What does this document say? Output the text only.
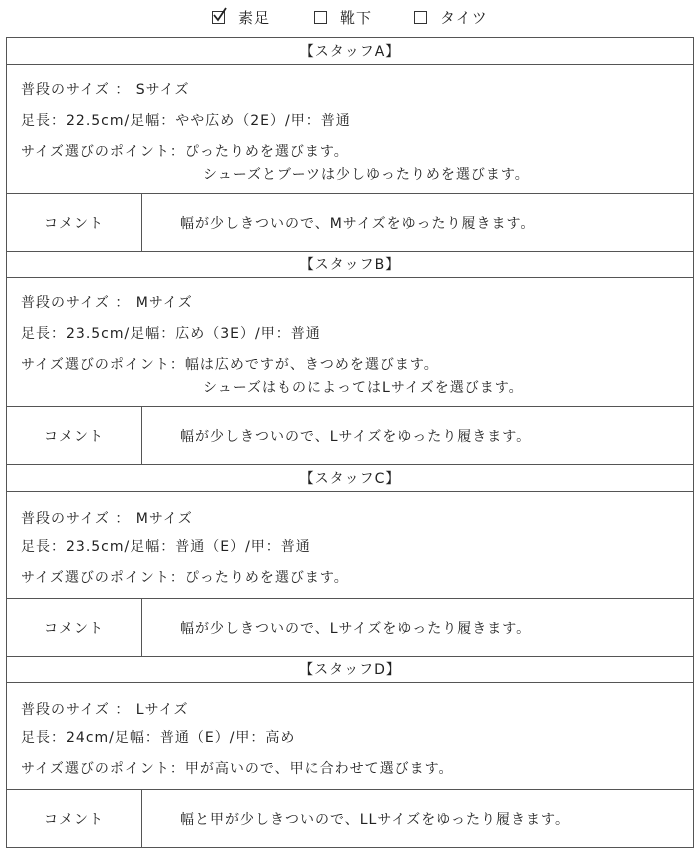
素足	靴下	タイツ
【スタッフA】
普段のサイズ ： Sサイズ
足長：22.5cm/足幅：やや広め（2E）/甲：普通
サイズ選びのポイント：ぴったりめを選びます。
シューズとブーツは少しゆったりめを選びます。
コメント	幅が少しきついので、Mサイズをゆったり履きます。
【スタッフB】
普段のサイズ ： Mサイズ
足長：23.5cm/足幅：広め（3E）/甲：普通
サイズ選びのポイント：幅は広めですが、きつめを選びます。
シューズはものによってはLサイズを選びます。
コメント	幅が少しきついので、Lサイズをゆったり履きます。
【スタッフC】
普段のサイズ ： Mサイズ
足長：23.5cm/足幅：普通（E）/甲：普通
サイズ選びのポイント：ぴったりめを選びます。
コメント	幅が少しきついので、Lサイズをゆったり履きます。
【スタッフD】
普段のサイズ ： Lサイズ
足長：24cm/足幅：普通（E）/甲：高め
サイズ選びのポイント：甲が高いので、甲に合わせて選びます。
コメント	幅と甲が少しきついので、LLサイズをゆったり履きます。
